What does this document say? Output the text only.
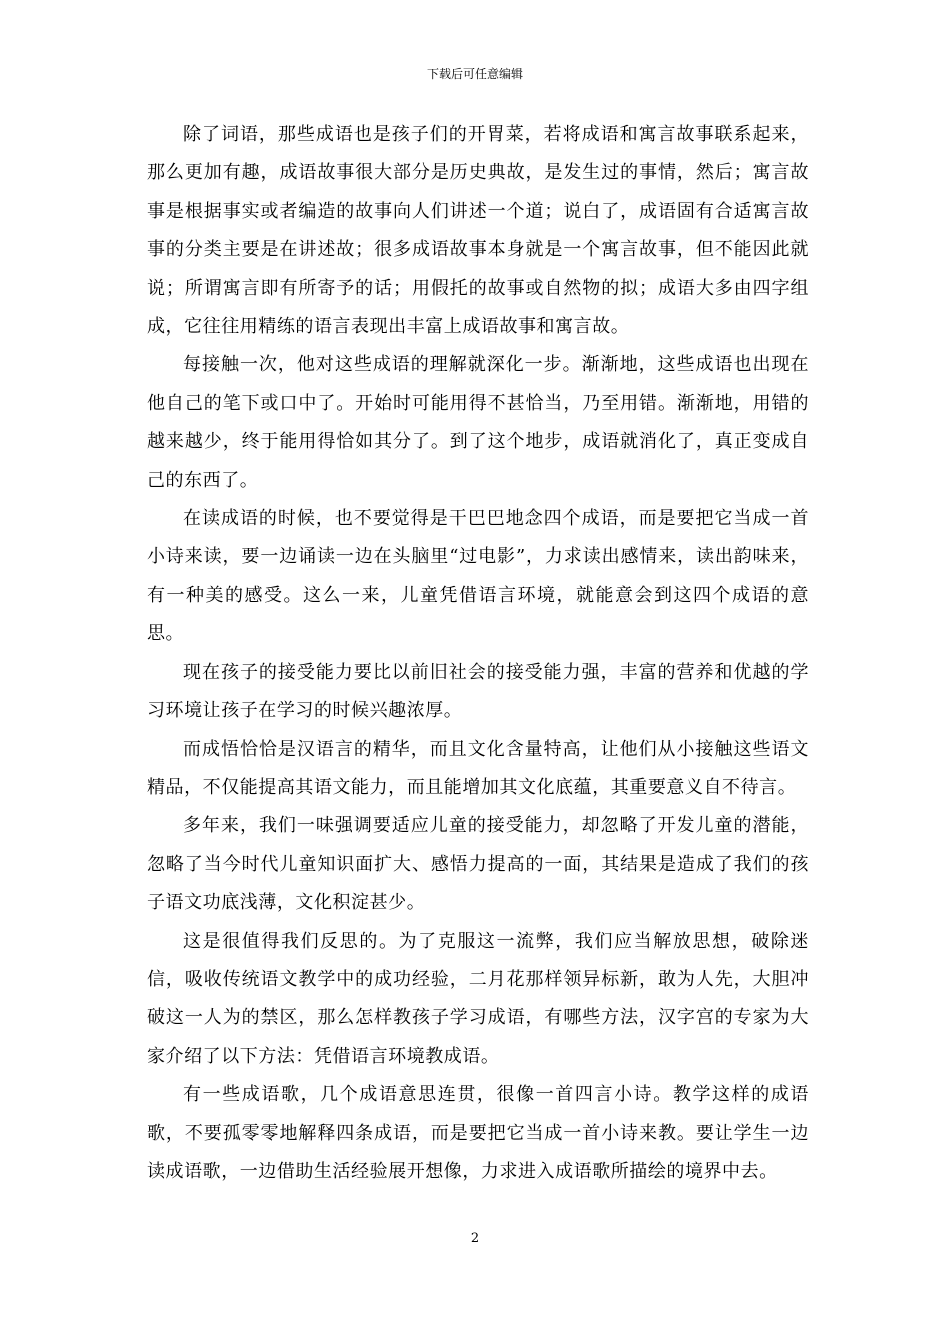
下载后可任意编辑

除了词语，那些成语也是孩子们的开胃菜，若将成语和寓言故事联系起来，那么更加有趣，成语故事很大部分是历史典故，是发生过的事情，然后；寓言故事是根据事实或者编造的故事向人们讲述一个道；说白了，成语固有合适寓言故事的分类主要是在讲述故；很多成语故事本身就是一个寓言故事，但不能因此就说；所谓寓言即有所寄予的话；用假托的故事或自然物的拟；成语大多由四字组成，它往往用精练的语言表现出丰富上成语故事和寓言故。

每接触一次，他对这些成语的理解就深化一步。渐渐地，这些成语也出现在他自己的笔下或口中了。开始时可能用得不甚恰当，乃至用错。渐渐地，用错的越来越少，终于能用得恰如其分了。到了这个地步，成语就消化了，真正变成自己的东西了。

在读成语的时候，也不要觉得是干巴巴地念四个成语，而是要把它当成一首小诗来读，要一边诵读一边在头脑里“过电影”，力求读出感情来，读出韵味来，有一种美的感受。这么一来，儿童凭借语言环境，就能意会到这四个成语的意思。

现在孩子的接受能力要比以前旧社会的接受能力强，丰富的营养和优越的学习环境让孩子在学习的时候兴趣浓厚。

而成悟恰恰是汉语言的精华，而且文化含量特高，让他们从小接触这些语文精品，不仅能提高其语文能力，而且能增加其文化底蕴，其重要意义自不待言。

多年来，我们一味强调要适应儿童的接受能力，却忽略了开发儿童的潜能，忽略了当今时代儿童知识面扩大、感悟力提高的一面，其结果是造成了我们的孩子语文功底浅薄，文化积淀甚少。

这是很值得我们反思的。为了克服这一流弊，我们应当解放思想，破除迷信，吸收传统语文教学中的成功经验，二月花那样领异标新，敢为人先，大胆冲破这一人为的禁区，那么怎样教孩子学习成语，有哪些方法，汉字宫的专家为大家介绍了以下方法：凭借语言环境教成语。

有一些成语歌，几个成语意思连贯，很像一首四言小诗。教学这样的成语歌，不要孤零零地解释四条成语，而是要把它当成一首小诗来教。要让学生一边读成语歌，一边借助生活经验展开想像，力求进入成语歌所描绘的境界中去。

2
